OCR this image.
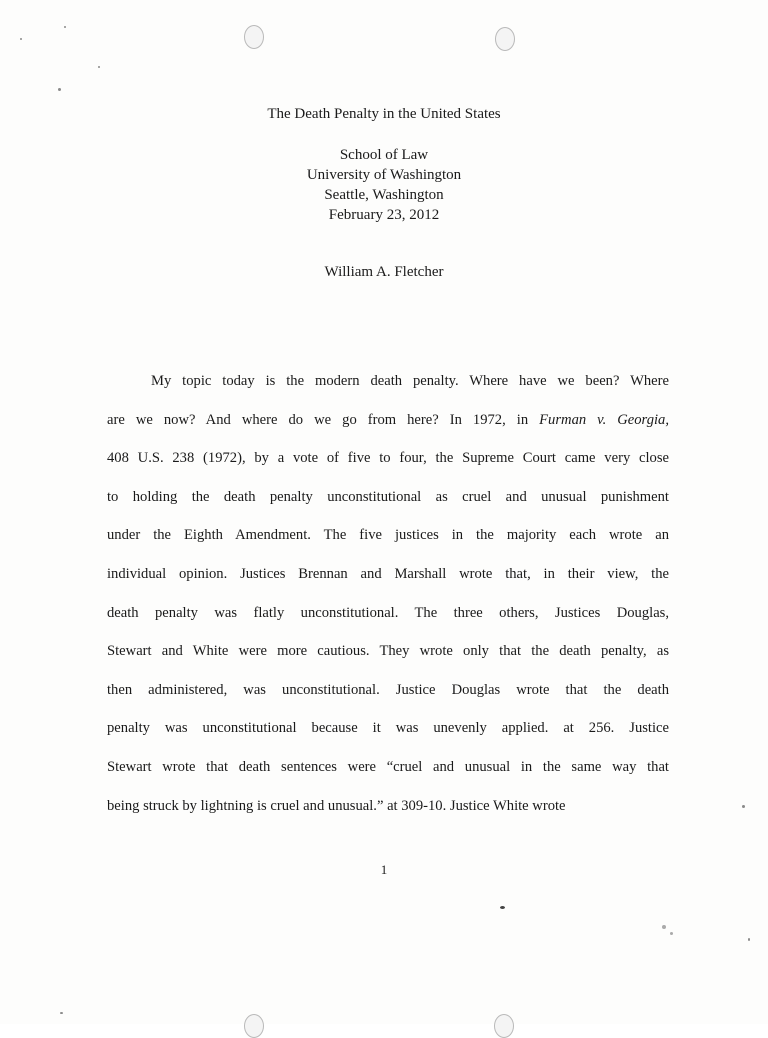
The Death Penalty in the United States
School of Law
University of Washington
Seattle, Washington
February 23, 2012
William A. Fletcher
My topic today is the modern death penalty. Where have we been? Where
are we now? And where do we go from here? In 1972, in Furman v. Georgia,
408 U.S. 238 (1972), by a vote of five to four, the Supreme Court came very close
to holding the death penalty unconstitutional as cruel and unusual punishment
under the Eighth Amendment. The five justices in the majority each wrote an
individual opinion. Justices Brennan and Marshall wrote that, in their view, the
death penalty was flatly unconstitutional. The three others, Justices Douglas,
Stewart and White were more cautious. They wrote only that the death penalty, as
then administered, was unconstitutional. Justice Douglas wrote that the death
penalty was unconstitutional because it was unevenly applied. at 256. Justice
Stewart wrote that death sentences were “cruel and unusual in the same way that
being struck by lightning is cruel and unusual.” at 309-10. Justice White wrote
1
